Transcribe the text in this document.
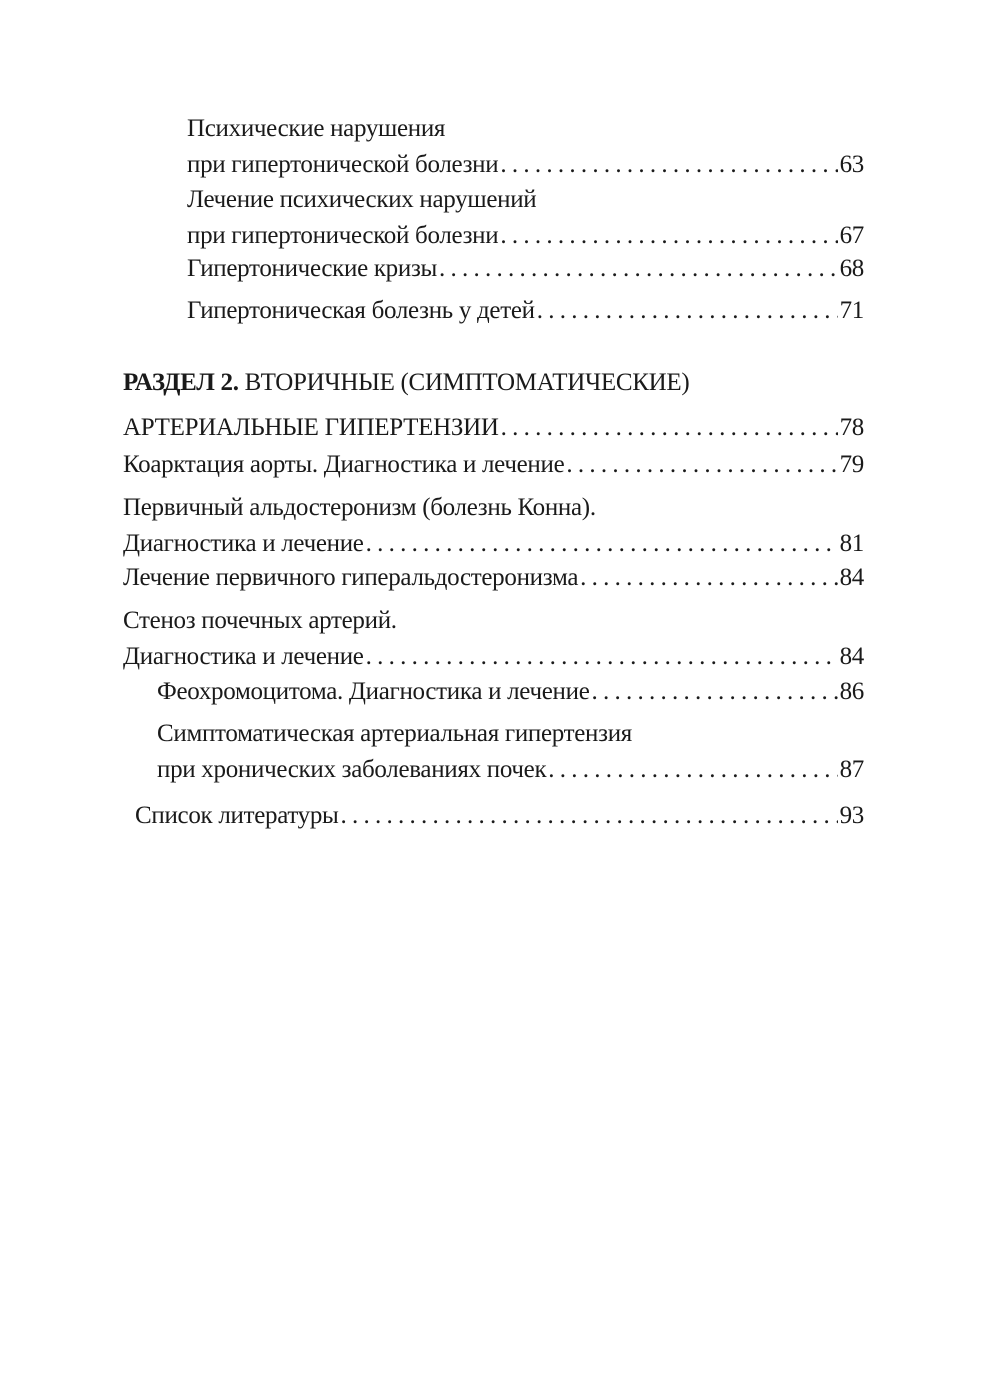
Психические нарушения
при гипертонической болезни . . .	63
Лечение психических нарушений
при гипертонической болезни . . .	67
Гипертонические кризы . . .	68
Гипертоническая болезнь у детей . . .	71
РАЗДЕЛ 2. ВТОРИЧНЫЕ (СИМПТОМАТИЧЕСКИЕ)
АРТЕРИАЛЬНЫЕ ГИПЕРТЕНЗИИ . . .	78
Коарктация аорты. Диагностика и лечение . . .	79
Первичный альдостеронизм (болезнь Конна).
Диагностика и лечение . . .	81
Лечение первичного гиперальдостеронизма . . .	84
Стеноз почечных артерий.
Диагностика и лечение . . .	84
Феохромоцитома. Диагностика и лечение . . .	86
Симптоматическая артериальная гипертензия
при хронических заболеваниях почек . . .	87
Список литературы . . .	93
